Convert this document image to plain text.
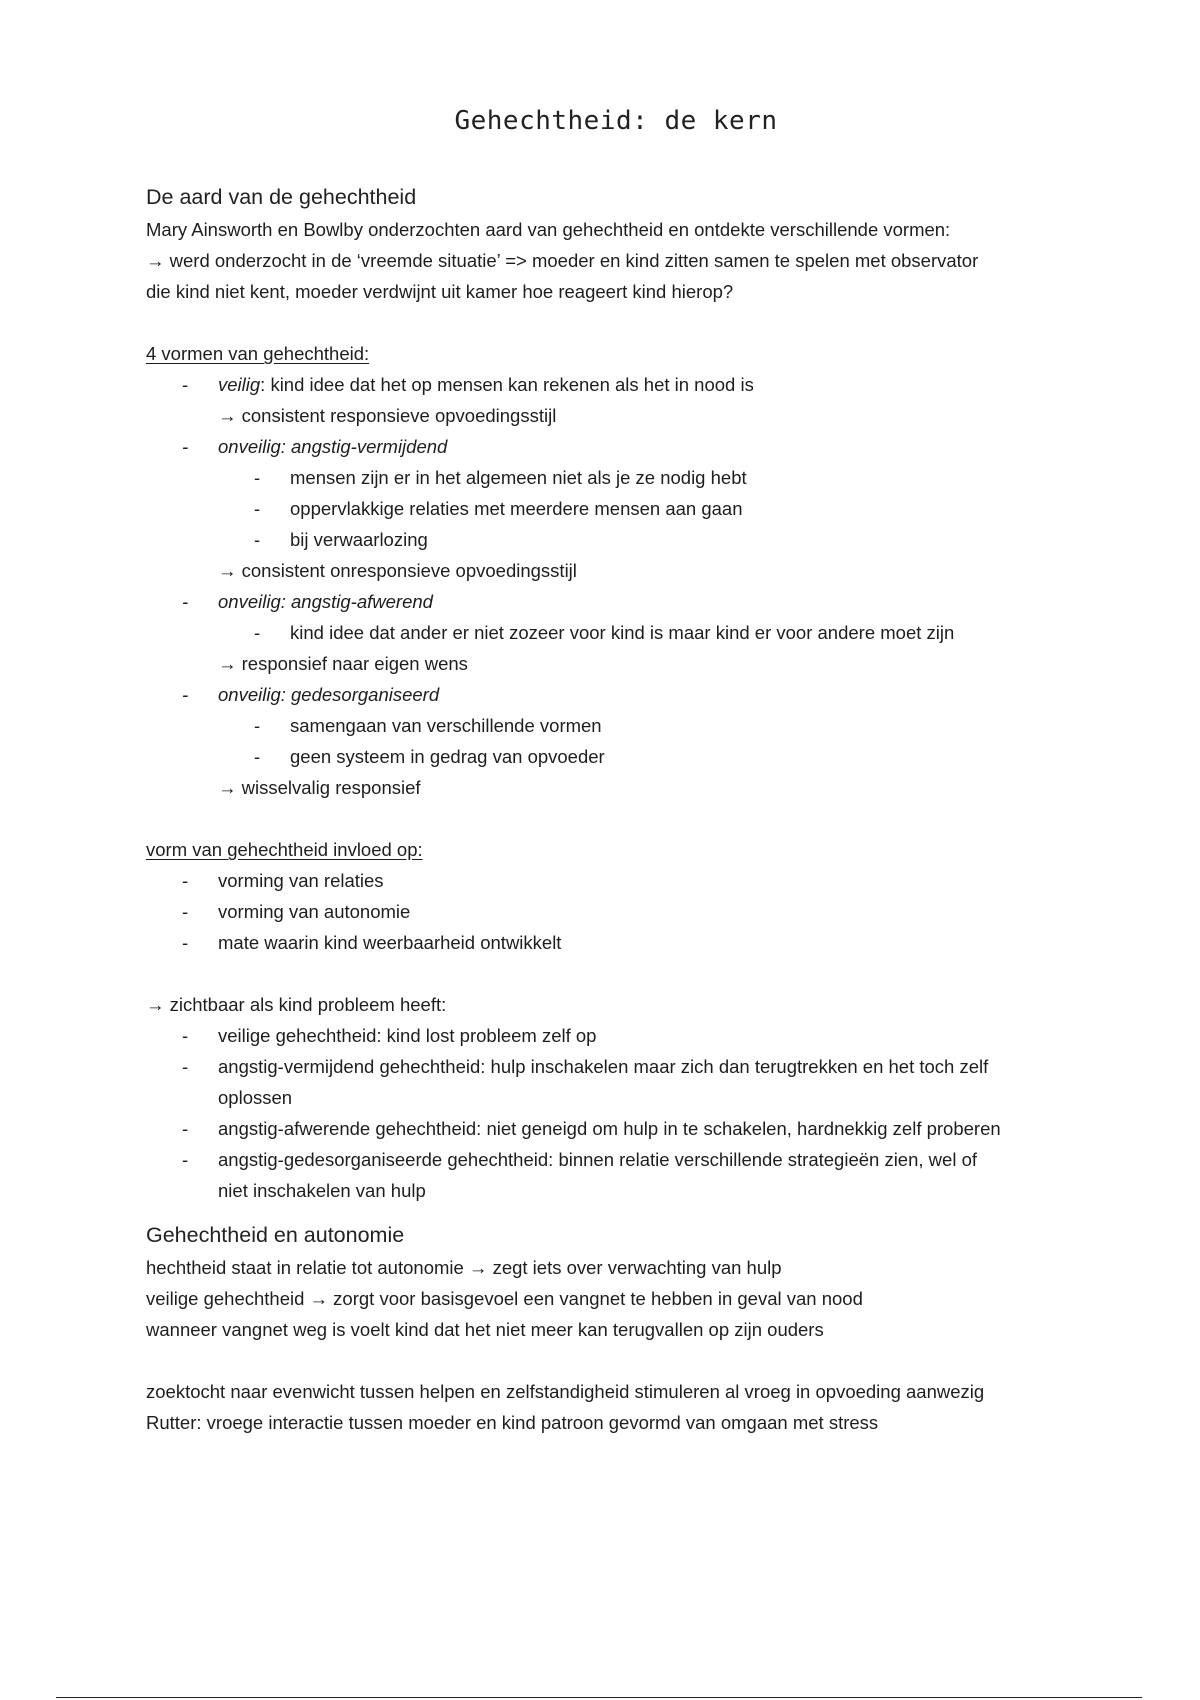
Gehechtheid: de kern
De aard van de gehechtheid

Mary Ainsworth en Bowlby onderzochten aard van gehechtheid en ontdekte verschillende vormen:

→ werd onderzocht in de ‘vreemde situatie’ => moeder en kind zitten samen te spelen met observator

die kind niet kent, moeder verdwijnt uit kamer hoe reageert kind hierop?

4 vormen van gehechtheid:

- veilig: kind idee dat het op mensen kan rekenen als het in nood is
→ consistent responsieve opvoedingsstijl
- onveilig: angstig-vermijdend
- mensen zijn er in het algemeen niet als je ze nodig hebt
- oppervlakkige relaties met meerdere mensen aan gaan
- bij verwaarlozing
→ consistent onresponsieve opvoedingsstijl
- onveilig: angstig-afwerend
- kind idee dat ander er niet zozeer voor kind is maar kind er voor andere moet zijn
→ responsief naar eigen wens
- onveilig: gedesorganiseerd
- samengaan van verschillende vormen
- geen systeem in gedrag van opvoeder
→ wisselvalig responsief

vorm van gehechtheid invloed op:

- vorming van relaties
- vorming van autonomie
- mate waarin kind weerbaarheid ontwikkelt

→ zichtbaar als kind probleem heeft:

- veilige gehechtheid: kind lost probleem zelf op
- angstig-vermijdend gehechtheid: hulp inschakelen maar zich dan terugtrekken en het toch zelf
oplossen
- angstig-afwerende gehechtheid: niet geneigd om hulp in te schakelen, hardnekkig zelf proberen
- angstig-gedesorganiseerde gehechtheid: binnen relatie verschillende strategieën zien, wel of
niet inschakelen van hulp
Gehechtheid en autonomie

hechtheid staat in relatie tot autonomie → zegt iets over verwachting van hulp

veilige gehechtheid → zorgt voor basisgevoel een vangnet te hebben in geval van nood

wanneer vangnet weg is voelt kind dat het niet meer kan terugvallen op zijn ouders

zoektocht naar evenwicht tussen helpen en zelfstandigheid stimuleren al vroeg in opvoeding aanwezig

Rutter: vroege interactie tussen moeder en kind patroon gevormd van omgaan met stress
